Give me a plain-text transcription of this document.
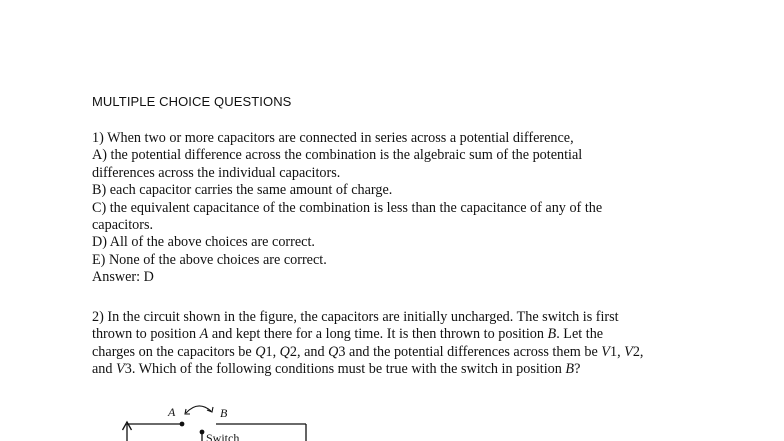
MULTIPLE CHOICE QUESTIONS
1) When two or more capacitors are connected in series across a potential difference,
A) the potential difference across the combination is the algebraic sum of the potential
differences across the individual capacitors.
B) each capacitor carries the same amount of charge.
C) the equivalent capacitance of the combination is less than the capacitance of any of the
capacitors.
D) All of the above choices are correct.
E) None of the above choices are correct.
Answer: D
2) In the circuit shown in the figure, the capacitors are initially uncharged. The switch is first
thrown to position A and kept there for a long time. It is then thrown to position B. Let the
charges on the capacitors be Q1, Q2, and Q3 and the potential differences across them be V1, V2,
and V3. Which of the following conditions must be true with the switch in position B?
A	B
Switch
